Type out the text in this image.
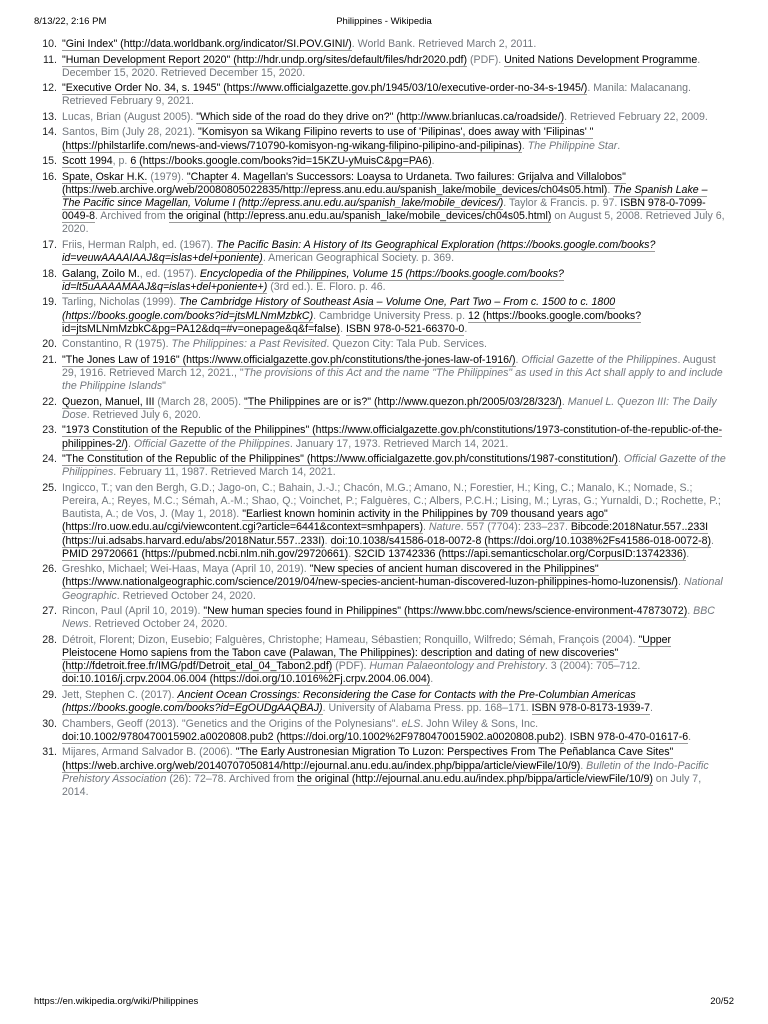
8/13/22, 2:16 PM	Philippines - Wikipedia
10. "Gini Index" (http://data.worldbank.org/indicator/SI.POV.GINI/). World Bank. Retrieved March 2, 2011.
11. "Human Development Report 2020" (http://hdr.undp.org/sites/default/files/hdr2020.pdf) (PDF). United Nations Development Programme. December 15, 2020. Retrieved December 15, 2020.
12. "Executive Order No. 34, s. 1945" (https://www.officialgazette.gov.ph/1945/03/10/executive-order-no-34-s-1945/). Manila: Malacanang. Retrieved February 9, 2021.
13. Lucas, Brian (August 2005). "Which side of the road do they drive on?" (http://www.brianlucas.ca/roadside/). Retrieved February 22, 2009.
14. Santos, Bim (July 28, 2021). "Komisyon sa Wikang Filipino reverts to use of 'Pilipinas', does away with 'Filipinas' " (https://philstarlife.com/news-and-views/710790-komisyon-ng-wikang-filipino-pilipino-and-pilipinas). The Philippine Star.
15. Scott 1994, p. 6 (https://books.google.com/books?id=15KZU-yMuisC&pg=PA6).
16. Spate, Oskar H.K. (1979). "Chapter 4. Magellan's Successors: Loaysa to Urdaneta. Two failures: Grijalva and Villalobos" (https://web.archive.org/web/20080805022835/http://epress.anu.edu.au/spanish_lake/mobile_devices/ch04s05.html). The Spanish Lake – The Pacific since Magellan, Volume I (http://epress.anu.edu.au/spanish_lake/mobile_devices/). Taylor & Francis. p. 97. ISBN 978-0-7099-0049-8. Archived from the original (http://epress.anu.edu.au/spanish_lake/mobile_devices/ch04s05.html) on August 5, 2008. Retrieved July 6, 2020.
17. Friis, Herman Ralph, ed. (1967). The Pacific Basin: A History of Its Geographical Exploration (https://books.google.com/books?id=veuwAAAAIAAJ&q=islas+del+poniente). American Geographical Society. p. 369.
18. Galang, Zoilo M., ed. (1957). Encyclopedia of the Philippines, Volume 15 (https://books.google.com/books?id=lt5uAAAAMAAJ&q=islas+del+poniente+) (3rd ed.). E. Floro. p. 46.
19. Tarling, Nicholas (1999). The Cambridge History of Southeast Asia – Volume One, Part Two – From c. 1500 to c. 1800 (https://books.google.com/books?id=jtsMLNmMzbkC). Cambridge University Press. p. 12 (https://books.google.com/books?id=jtsMLNmMzbkC&pg=PA12&dq=#v=onepage&q&f=false). ISBN 978-0-521-66370-0.
20. Constantino, R (1975). The Philippines: a Past Revisited. Quezon City: Tala Pub. Services.
21. "The Jones Law of 1916" (https://www.officialgazette.gov.ph/constitutions/the-jones-law-of-1916/). Official Gazette of the Philippines. August 29, 1916. Retrieved March 12, 2021., "The provisions of this Act and the name "The Philippines" as used in this Act shall apply to and include the Philippine Islands"
22. Quezon, Manuel, III (March 28, 2005). "The Philippines are or is?" (http://www.quezon.ph/2005/03/28/323/). Manuel L. Quezon III: The Daily Dose. Retrieved July 6, 2020.
23. "1973 Constitution of the Republic of the Philippines" (https://www.officialgazette.gov.ph/constitutions/1973-constitution-of-the-republic-of-the-philippines-2/). Official Gazette of the Philippines. January 17, 1973. Retrieved March 14, 2021.
24. "The Constitution of the Republic of the Philippines" (https://www.officialgazette.gov.ph/constitutions/1987-constitution/). Official Gazette of the Philippines. February 11, 1987. Retrieved March 14, 2021.
25. Ingicco, T.; van den Bergh, G.D.; Jago-on, C.; Bahain, J.-J.; Chacón, M.G.; Amano, N.; Forestier, H.; King, C.; Manalo, K.; Nomade, S.; Pereira, A.; Reyes, M.C.; Sémah, A.-M.; Shao, Q.; Voinchet, P.; Falguères, C.; Albers, P.C.H.; Lising, M.; Lyras, G.; Yurnaldi, D.; Rochette, P.; Bautista, A.; de Vos, J. (May 1, 2018). "Earliest known hominin activity in the Philippines by 709 thousand years ago" (https://ro.uow.edu.au/cgi/viewcontent.cgi?article=6441&context=smhpapers). Nature. 557 (7704): 233–237. Bibcode:2018Natur.557..233I (https://ui.adsabs.harvard.edu/abs/2018Natur.557..233I). doi:10.1038/s41586-018-0072-8 (https://doi.org/10.1038%2Fs41586-018-0072-8). PMID 29720661 (https://pubmed.ncbi.nlm.nih.gov/29720661). S2CID 13742336 (https://api.semanticscholar.org/CorpusID:13742336).
26. Greshko, Michael; Wei-Haas, Maya (April 10, 2019). "New species of ancient human discovered in the Philippines" (https://www.nationalgeographic.com/science/2019/04/new-species-ancient-human-discovered-luzon-philippines-homo-luzonensis/). National Geographic. Retrieved October 24, 2020.
27. Rincon, Paul (April 10, 2019). "New human species found in Philippines" (https://www.bbc.com/news/science-environment-47873072). BBC News. Retrieved October 24, 2020.
28. Détroit, Florent; Dizon, Eusebio; Falguères, Christophe; Hameau, Sébastien; Ronquillo, Wilfredo; Sémah, François (2004). "Upper Pleistocene Homo sapiens from the Tabon cave (Palawan, The Philippines): description and dating of new discoveries" (http://fdetroit.free.fr/IMG/pdf/Detroit_etal_04_Tabon2.pdf) (PDF). Human Palaeontology and Prehistory. 3 (2004): 705–712. doi:10.1016/j.crpv.2004.06.004 (https://doi.org/10.1016%2Fj.crpv.2004.06.004).
29. Jett, Stephen C. (2017). Ancient Ocean Crossings: Reconsidering the Case for Contacts with the Pre-Columbian Americas (https://books.google.com/books?id=EgOUDgAAQBAJ). University of Alabama Press. pp. 168–171. ISBN 978-0-8173-1939-7.
30. Chambers, Geoff (2013). "Genetics and the Origins of the Polynesians". eLS. John Wiley & Sons, Inc. doi:10.1002/9780470015902.a0020808.pub2 (https://doi.org/10.1002%2F9780470015902.a0020808.pub2). ISBN 978-0-470-01617-6.
31. Mijares, Armand Salvador B. (2006). "The Early Austronesian Migration To Luzon: Perspectives From The Peñablanca Cave Sites" (https://web.archive.org/web/20140707050814/http://ejournal.anu.edu.au/index.php/bippa/article/viewFile/10/9). Bulletin of the Indo-Pacific Prehistory Association (26): 72–78. Archived from the original (http://ejournal.anu.edu.au/index.php/bippa/article/viewFile/10/9) on July 7, 2014.
https://en.wikipedia.org/wiki/Philippines	20/52
